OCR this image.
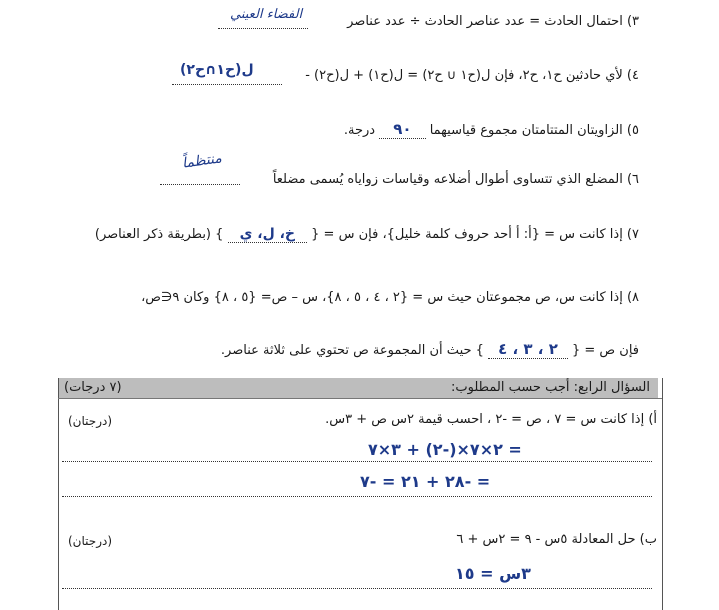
٣) احتمال الحادث = عدد عناصر الحادث ÷ عدد عناصر
الفضاء العيني
٤) لأي حادثين ح١، ح٢، فإن ل(ح١ ∪ ح٢) = ل(ح١) + ل(ح٢) -
ل(ح١∩ح٢)
٥) الزاويتان المتتامتان مجموع قياسيهما ٩٠ درجة.
٦) المضلع الذي تتساوى أطوال أضلاعه وقياسات زواياه يُسمى مضلعاً
منتظماً
٧) إذا كانت س = {أ: أ أحد حروف كلمة خليل}، فإن س = { خ، ل، ي } (بطريقة ذكر العناصر)
٨) إذا كانت س، ص مجموعتان حيث س = {٢ ، ٤ ، ٥ ، ٨}، س – ص= {٥ ، ٨} وكان ٩∈ص،
فإن ص = { ٢ ، ٣ ، ٤ } حيث أن المجموعة ص تحتوي على ثلاثة عناصر.
السؤال الرابع: أجب حسب المطلوب:
(٧ درجات)
أ) إذا كانت س = ٧ ، ص = -٢ ، احسب قيمة ٢س ص + ٣س.
(درجتان)
= ٢×٧×(-٢) + ٣×٧
= -٢٨ + ٢١ = -٧
ب) حل المعادلة ٥س - ٩ = ٢س + ٦
(درجتان)
٣س = ١٥
